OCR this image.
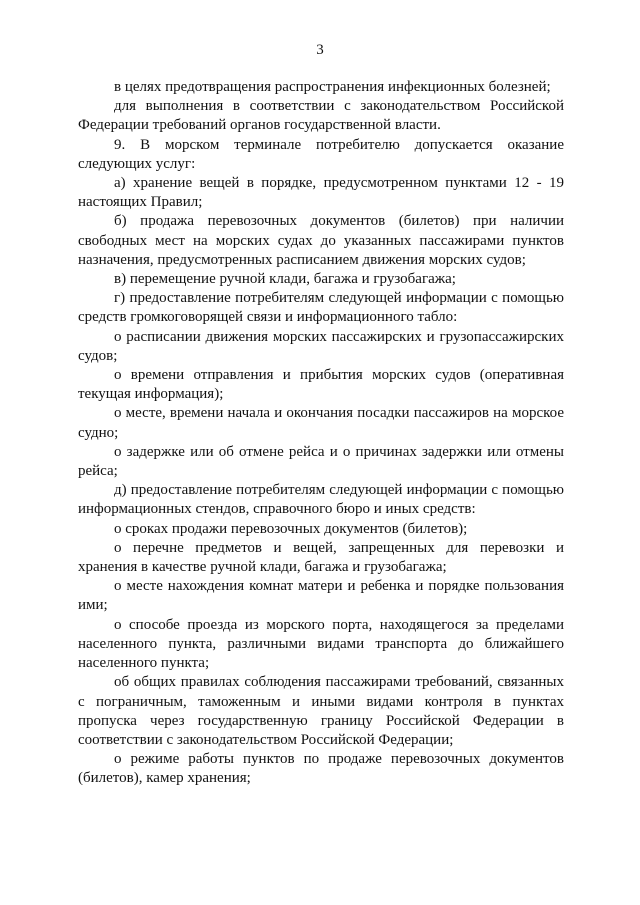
3

в целях предотвращения распространения инфекционных болезней;

для выполнения в соответствии с законодательством Российской Федерации требований органов государственной власти.

9. В морском терминале потребителю допускается оказание следующих услуг:

а) хранение вещей в порядке, предусмотренном пунктами 12 - 19 настоящих Правил;

б) продажа перевозочных документов (билетов) при наличии свободных мест на морских судах до указанных пассажирами пунктов назначения, предусмотренных расписанием движения морских судов;

в) перемещение ручной клади, багажа и грузобагажа;

г) предоставление потребителям следующей информации с помощью средств громкоговорящей связи и информационного табло:

о расписании движения морских пассажирских и грузопассажирских судов;

о времени отправления и прибытия морских судов (оперативная текущая информация);

о месте, времени начала и окончания посадки пассажиров на морское судно;

о задержке или об отмене рейса и о причинах задержки или отмены рейса;

д) предоставление потребителям следующей информации с помощью информационных стендов, справочного бюро и иных средств:

о сроках продажи перевозочных документов (билетов);

о перечне предметов и вещей, запрещенных для перевозки и хранения в качестве ручной клади, багажа и грузобагажа;

о месте нахождения комнат матери и ребенка и порядке пользования ими;

о способе проезда из морского порта, находящегося за пределами населенного пункта, различными видами транспорта до ближайшего населенного пункта;

об общих правилах соблюдения пассажирами требований, связанных с пограничным, таможенным и иными видами контроля в пунктах пропуска через государственную границу Российской Федерации в соответствии с законодательством Российской Федерации;

о режиме работы пунктов по продаже перевозочных документов (билетов), камер хранения;
